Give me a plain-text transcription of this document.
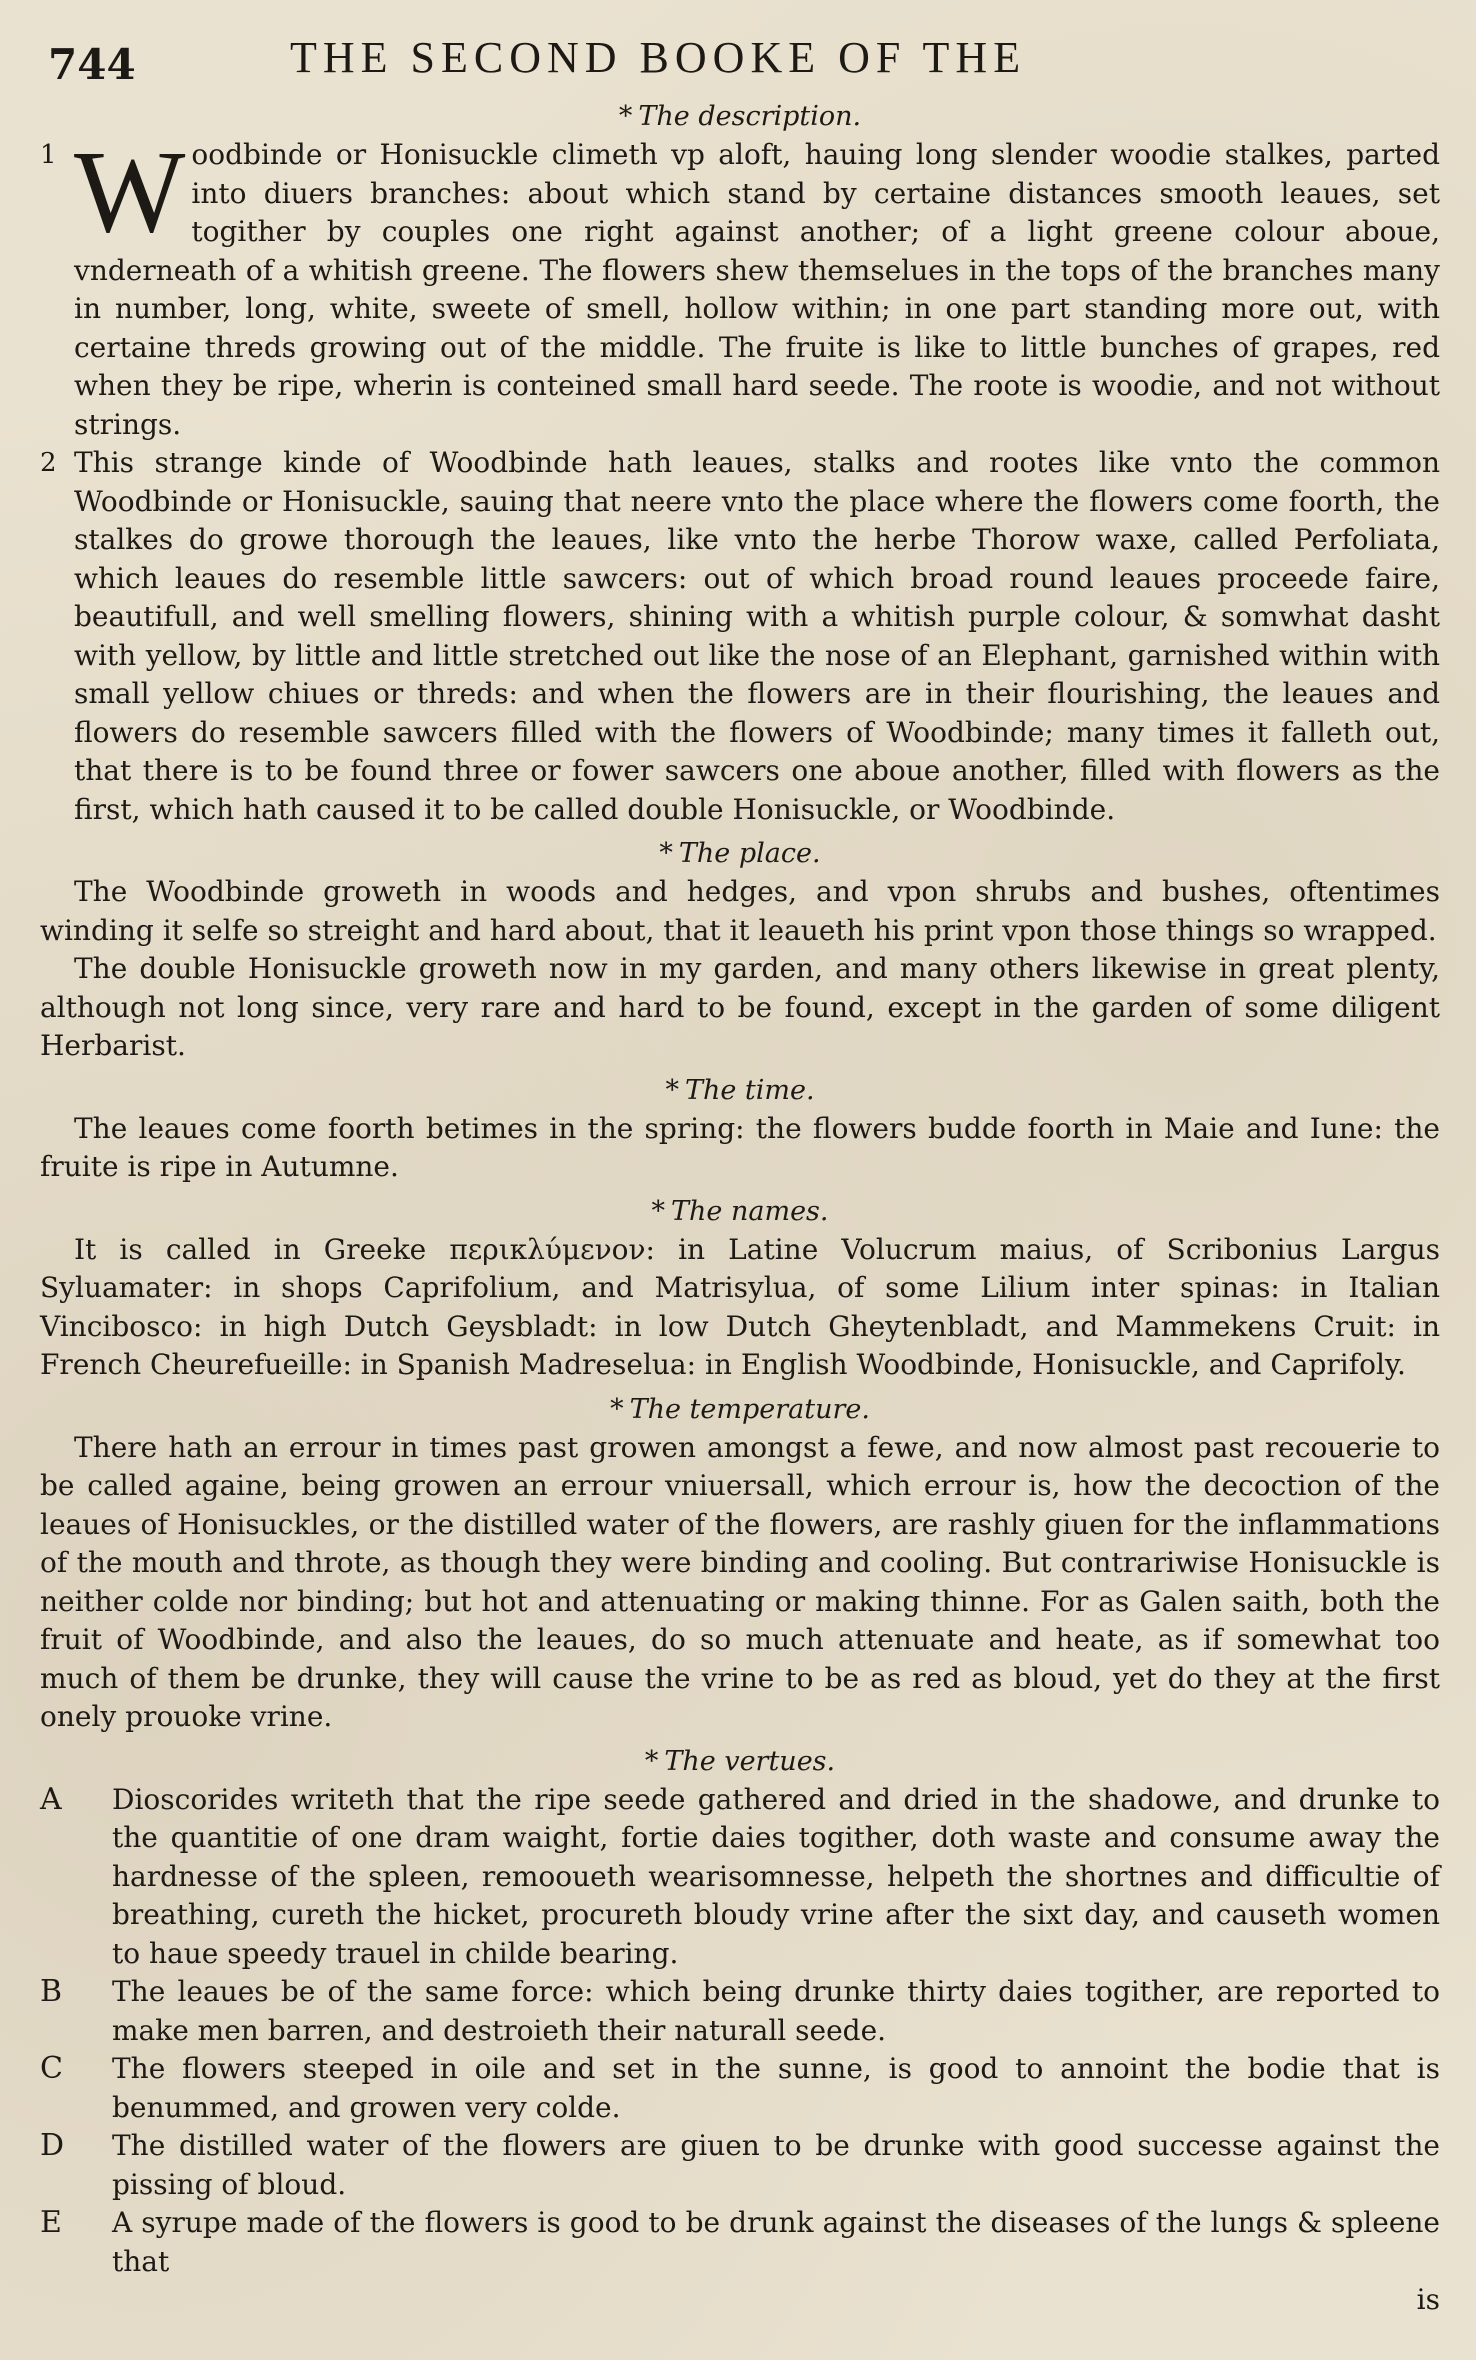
744	THE SECOND BOOKE OF THE
* The description.

1 W oodbinde or Honisuckle climeth vp aloft, hauing long slender woodie stalkes, parted into diuers branches: about which stand by certaine distances smooth leaues, set togither by couples one right against another; of a light greene colour aboue, vnderneath of a whitish greene. The flowers shew themselues in the tops of the branches many in number, long, white, sweete of smell, hollow within; in one part standing more out, with certaine threds growing out of the middle. The fruite is like to little bunches of grapes, red when they be ripe, wherin is conteined small hard seede. The roote is woodie, and not without strings.

2 This strange kinde of Woodbinde hath leaues, stalks and rootes like vnto the common Woodbinde or Honisuckle, sauing that neere vnto the place where the flowers come foorth, the stalkes do growe thorough the leaues, like vnto the herbe Thorow waxe, called Perfoliata, which leaues do resemble little sawcers: out of which broad round leaues proceede faire, beautifull, and well smelling flowers, shining with a whitish purple colour, & somwhat dasht with yellow, by little and little stretched out like the nose of an Elephant, garnished within with small yellow chiues or threds: and when the flowers are in their flourishing, the leaues and flowers do resemble sawcers filled with the flowers of Woodbinde; many times it falleth out, that there is to be found three or fower sawcers one aboue another, filled with flowers as the first, which hath caused it to be called double Honisuckle, or Woodbinde.

* The place.

The Woodbinde groweth in woods and hedges, and vpon shrubs and bushes, oftentimes winding it selfe so streight and hard about, that it leaueth his print vpon those things so wrapped.

The double Honisuckle groweth now in my garden, and many others likewise in great plenty, although not long since, very rare and hard to be found, except in the garden of some diligent Herbarist.

* The time.

The leaues come foorth betimes in the spring: the flowers budde foorth in Maie and Iune: the fruite is ripe in Autumne.

* The names.

It is called in Greeke περικλύμενον: in Latine Volucrum maius, of Scribonius Largus Syluamater: in shops Caprifolium, and Matrisylua, of some Lilium inter spinas: in Italian Vincibosco: in high Dutch Geysbladt: in low Dutch Gheytenbladt, and Mammekens Cruit: in French Cheurefueille: in Spanish Madreselua: in English Woodbinde, Honisuckle, and Caprifoly.

* The temperature.

There hath an errour in times past growen amongst a fewe, and now almost past recouerie to be called againe, being growen an errour vniuersall, which errour is, how the decoction of the leaues of Honisuckles, or the distilled water of the flowers, are rashly giuen for the inflammations of the mouth and throte, as though they were binding and cooling. But contrariwise Honisuckle is neither colde nor binding; but hot and attenuating or making thinne. For as Galen saith, both the fruit of Woodbinde, and also the leaues, do so much attenuate and heate, as if somewhat too much of them be drunke, they will cause the vrine to be as red as bloud, yet do they at the first onely prouoke vrine.

* The vertues.

A Dioscorides writeth that the ripe seede gathered and dried in the shadowe, and drunke to the quantitie of one dram waight, fortie daies togither, doth waste and consume away the hardnesse of the spleen, remooueth wearisomnesse, helpeth the shortnes and difficultie of breathing, cureth the hicket, procureth bloudy vrine after the sixt day, and causeth women to haue speedy trauel in childe bearing.

B The leaues be of the same force: which being drunke thirty daies togither, are reported to make men barren, and destroieth their naturall seede.

C The flowers steeped in oile and set in the sunne, is good to annoint the bodie that is benummed, and growen very colde.

D The distilled water of the flowers are giuen to be drunke with good successe against the pissing of bloud.

E A syrupe made of the flowers is good to be drunk against the diseases of the lungs & spleene that

is
